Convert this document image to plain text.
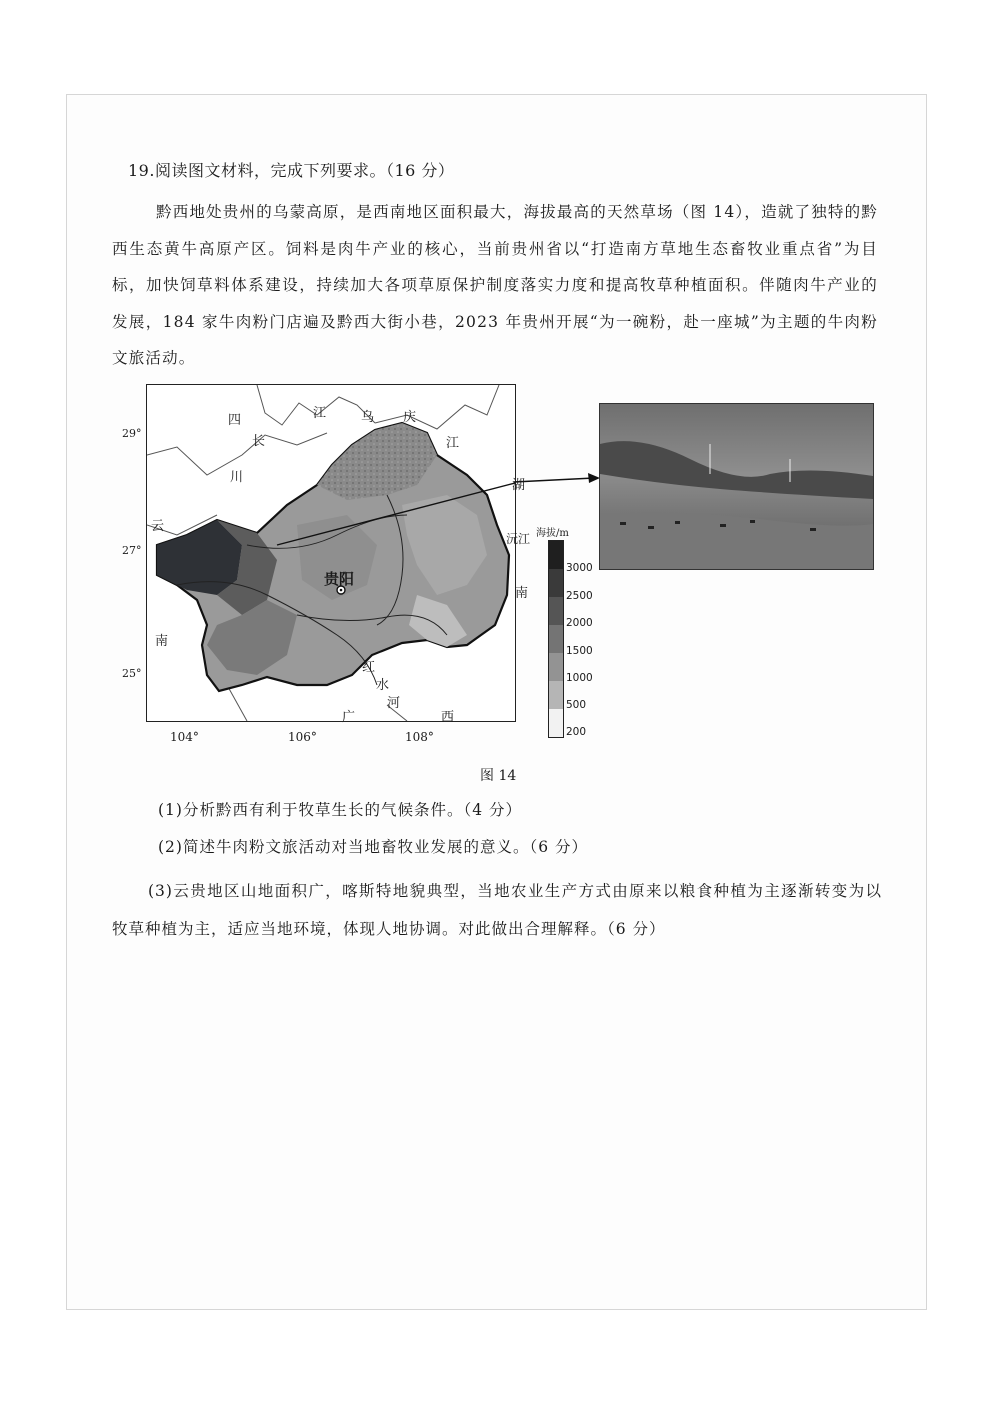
19.阅读图文材料，完成下列要求。（16 分）
黔西地处贵州的乌蒙高原，是西南地区面积最大，海拔最高的天然草场（图 14），造就了独特的黔西生态黄牛高原产区。饲料是肉牛产业的核心，当前贵州省以“打造南方草地生态畜牧业重点省”为目标，加快饲草料体系建设，持续加大各项草原保护制度落实力度和提高牧草种植面积。伴随肉牛产业的发展，184 家牛肉粉门店遍及黔西大街小巷，2023 年贵州开展“为一碗粉，赴一座城”为主题的牛肉粉文旅活动。
四
长
川
江	乌 庆
江
湖
云
沅江
南
贵阳
南
红
水
河
广	西
29°
27°
25°
104°	106°	108°
海拔/m
3000
2500
2000
1500
1000
500
200
图 14
(1)分析黔西有利于牧草生长的气候条件。（4 分）
(2)简述牛肉粉文旅活动对当地畜牧业发展的意义。（6 分）
(3)云贵地区山地面积广，喀斯特地貌典型，当地农业生产方式由原来以粮食种植为主逐渐转变为以牧草种植为主，适应当地环境，体现人地协调。对此做出合理解释。（6 分）
